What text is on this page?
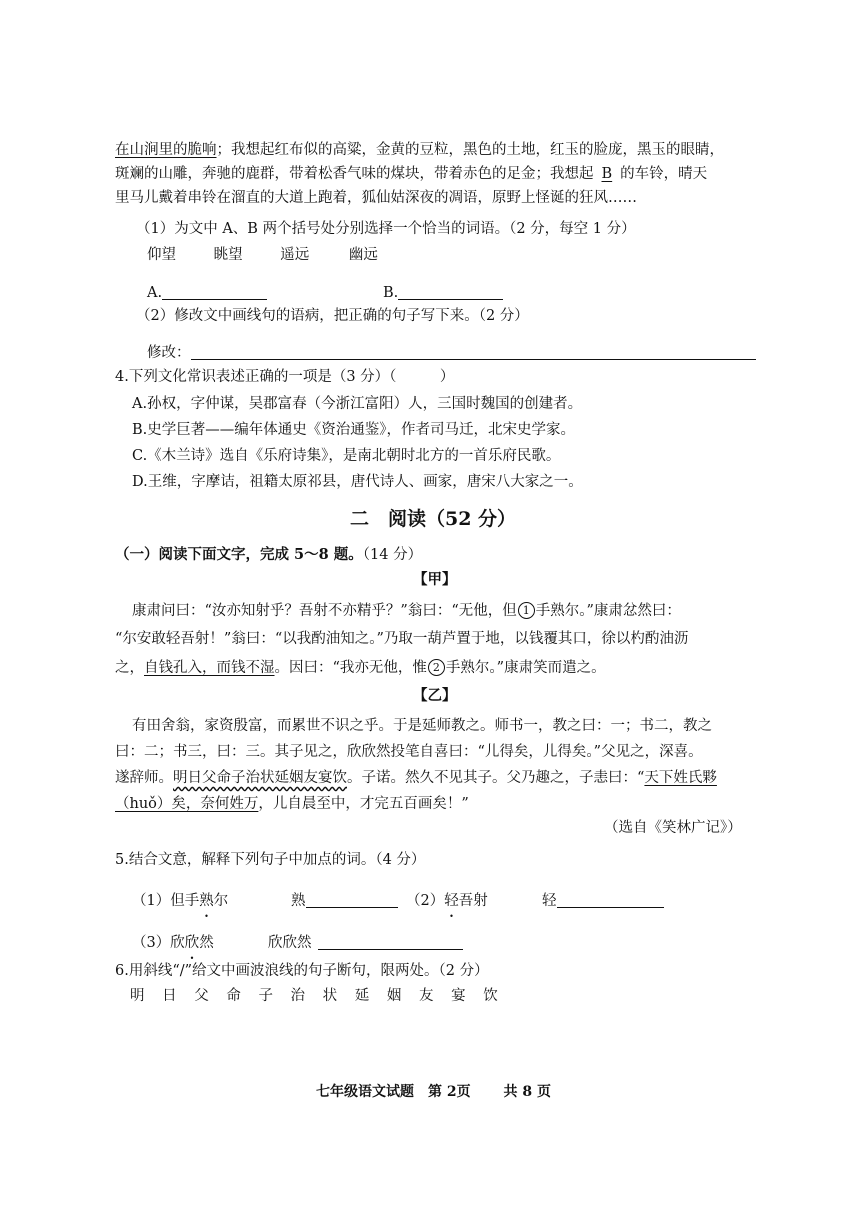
在山涧里的脆响；我想起红布似的高粱，金黄的豆粒，黑色的土地，红玉的脸庞，黑玉的眼睛，
斑斓的山雕，奔驰的鹿群，带着松香气味的煤块，带着赤色的足金；我想起 B 的车铃，晴天
里马儿戴着串铃在溜直的大道上跑着，狐仙姑深夜的凋语，原野上怪诞的狂风……
（1）为文中 A、B 两个括号处分别选择一个恰当的词语。（2 分，每空 1 分）
仰望	眺望	遥远	幽远
A.	B.
（2）修改文中画线句的语病，把正确的句子写下来。（2 分）
修改：
4.下列文化常识表述正确的一项是（3 分）（　　　）
A.孙权，字仲谋，吴郡富春（今浙江富阳）人，三国时魏国的创建者。
B.史学巨著——编年体通史《资治通鉴》，作者司马迁，北宋史学家。
C.《木兰诗》选自《乐府诗集》，是南北朝时北方的一首乐府民歌。
D.王维，字摩诘，祖籍太原祁县，唐代诗人、画家，唐宋八大家之一。
二　阅读（52 分）
（一）阅读下面文字，完成 5～8 题。（14 分）
【甲】
康肃问曰：“汝亦知射乎？吾射不亦精乎？”翁曰：“无他，但 1 手熟尔。”康肃忿然曰：
“尔安敢轻吾射！”翁曰：“以我酌油知之。”乃取一葫芦置于地，以钱覆其口，徐以杓酌油沥
之，自钱孔入，而钱不湿。因曰：“我亦无他，惟 2 手熟尔。”康肃笑而遣之。
【乙】
有田舍翁，家资殷富，而累世不识之乎。于是延师教之。师书一，教之曰：一；书二，教之
曰：二；书三，曰：三。其子见之，欣欣然投笔自喜曰：“儿得矣，儿得矣。”父见之，深喜。
遂辞师。明日父命子治状延姻友宴饮。子诺。然久不见其子。父乃趣之，子恚曰：“天下姓氏夥
（huǒ）矣，奈何姓万，儿自晨至中，才完五百画矣！”
（选自《笑林广记》）
5.结合文意，解释下列句子中加点的词。（4 分）
（1）但手熟尔	熟	（2）轻吾射	轻
（3）欣欣然	欣欣然
6.用斜线“/”给文中画波浪线的句子断句，限两处。（2 分）
明 日 父 命 子 治 状 延 姻 友 宴 饮
七年级语文试题　第 2页　　 共 8 页
